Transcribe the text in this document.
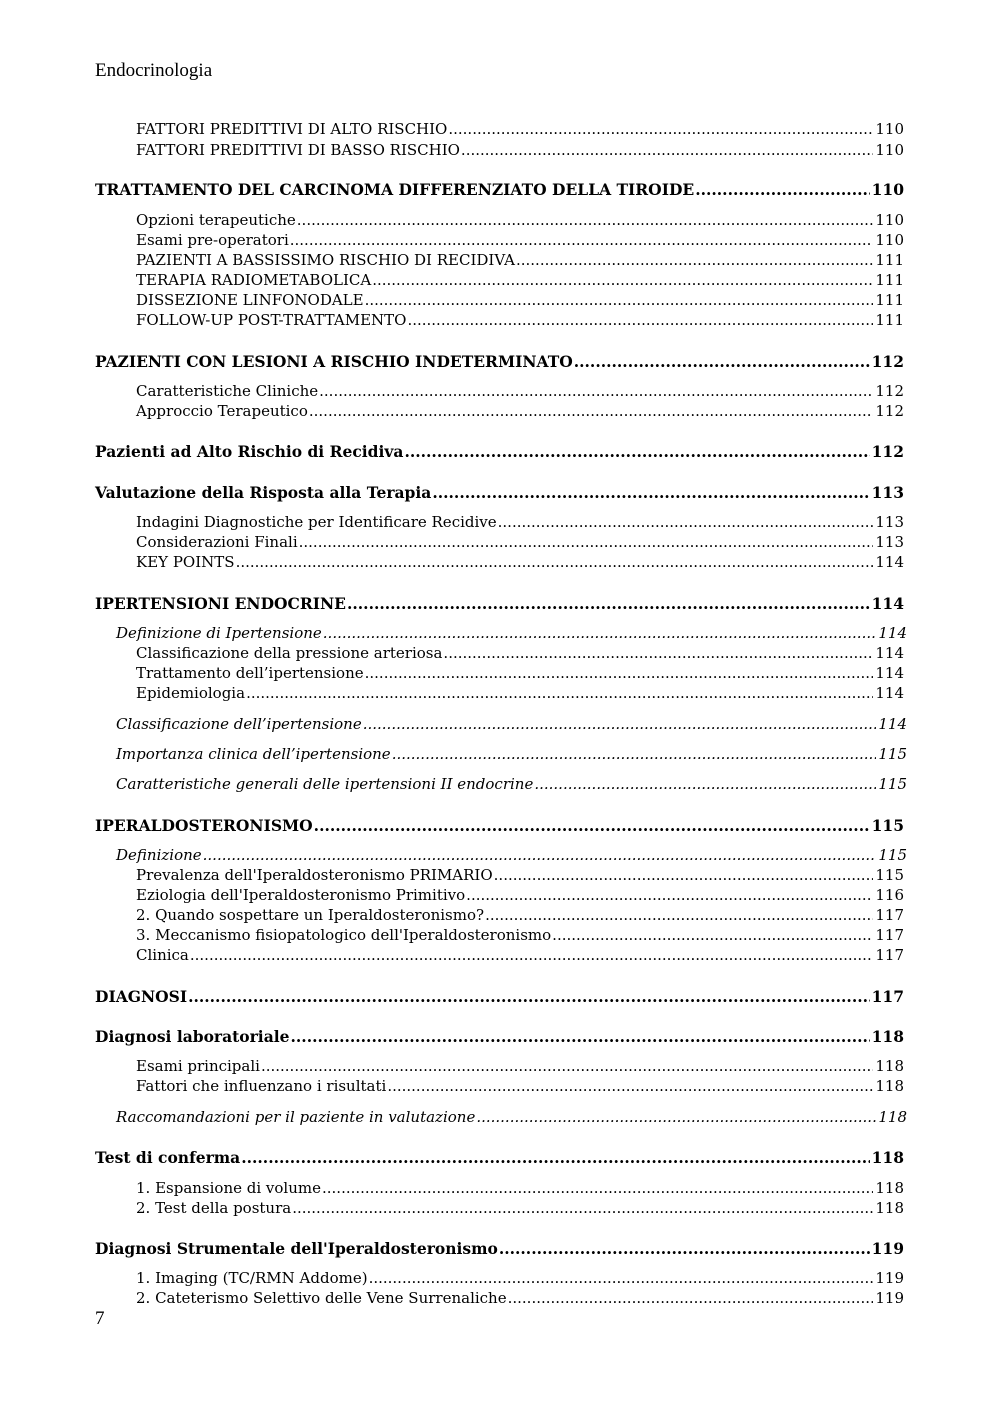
Endocrinologia
FATTORI PREDITTIVI DI ALTO RISCHIO .....	110
FATTORI PREDITTIVI DI BASSO RISCHIO .....	110
TRATTAMENTO DEL CARCINOMA DIFFERENZIATO DELLA TIROIDE .....	110
Opzioni terapeutiche .....	110
Esami pre-operatori .....	110
PAZIENTI A BASSISSIMO RISCHIO DI RECIDIVA .....	111
TERAPIA RADIOMETABOLICA .....	111
DISSEZIONE LINFONODALE .....	111
FOLLOW-UP POST-TRATTAMENTO .....	111
PAZIENTI CON LESIONI A RISCHIO INDETERMINATO .....	112
Caratteristiche Cliniche .....	112
Approccio Terapeutico .....	112
Pazienti ad Alto Rischio di Recidiva .....	112
Valutazione della Risposta alla Terapia .....	113
Indagini Diagnostiche per Identificare Recidive .....	113
Considerazioni Finali .....	113
KEY POINTS .....	114
IPERTENSIONI ENDOCRINE .....	114
Definizione di Ipertensione .....	114
Classificazione della pressione arteriosa .....	114
Trattamento dell’ipertensione .....	114
Epidemiologia .....	114
Classificazione dell’ipertensione .....	114
Importanza clinica dell’ipertensione .....	115
Caratteristiche generali delle ipertensioni II endocrine .....	115
IPERALDOSTERONISMO .....	115
Definizione .....	115
Prevalenza dell'Iperaldosteronismo PRIMARIO .....	115
Eziologia dell'Iperaldosteronismo Primitivo .....	116
2. Quando sospettare un Iperaldosteronismo? .....	117
3. Meccanismo fisiopatologico dell'Iperaldosteronismo .....	117
Clinica .....	117
DIAGNOSI .....	117
Diagnosi laboratoriale .....	118
Esami principali .....	118
Fattori che influenzano i risultati .....	118
Raccomandazioni per il paziente in valutazione .....	118
Test di conferma .....	118
1. Espansione di volume .....	118
2. Test della postura .....	118
Diagnosi Strumentale dell'Iperaldosteronismo .....	119
1. Imaging (TC/RMN Addome) .....	119
2. Cateterismo Selettivo delle Vene Surrenaliche .....	119
7
